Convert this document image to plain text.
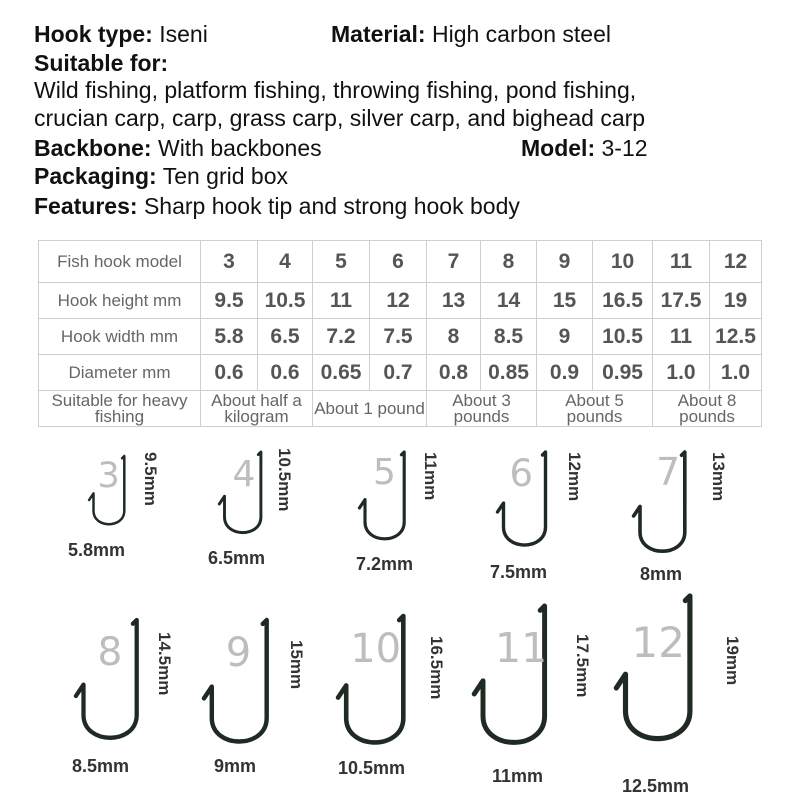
Hook type: Iseni	Material: High carbon steel
Suitable for:
Wild fishing, platform fishing, throwing fishing, pond fishing,
crucian carp, carp, grass carp, silver carp, and bighead carp
Backbone: With backbones	Model: 3-12
Packaging: Ten grid box
Features: Sharp hook tip and strong hook body
Fish hook model	3	4	5	6	7	8	9	10	11	12
Hook height mm	9.5	10.5	11	12	13	14	15	16.5	17.5	19
Hook width mm	5.8	6.5	7.2	7.5	8	8.5	9	10.5	11	12.5
Diameter mm	0.6	0.6	0.65	0.7	0.8	0.85	0.9	0.95	1.0	1.0
Suitable for heavy fishing	About half a kilogram		About 1 pound		About 3 pounds		About 5 pounds		About 8 pounds	
3 9.5mm
5.8mm
4 10.5mm
6.5mm
5 11mm
7.2mm
6 12mm
7.5mm
7 13mm
8mm
8 14.5mm
8.5mm
9 15mm
9mm
10 16.5mm
10.5mm
11 17.5mm
11mm
12 19mm
12.5mm
